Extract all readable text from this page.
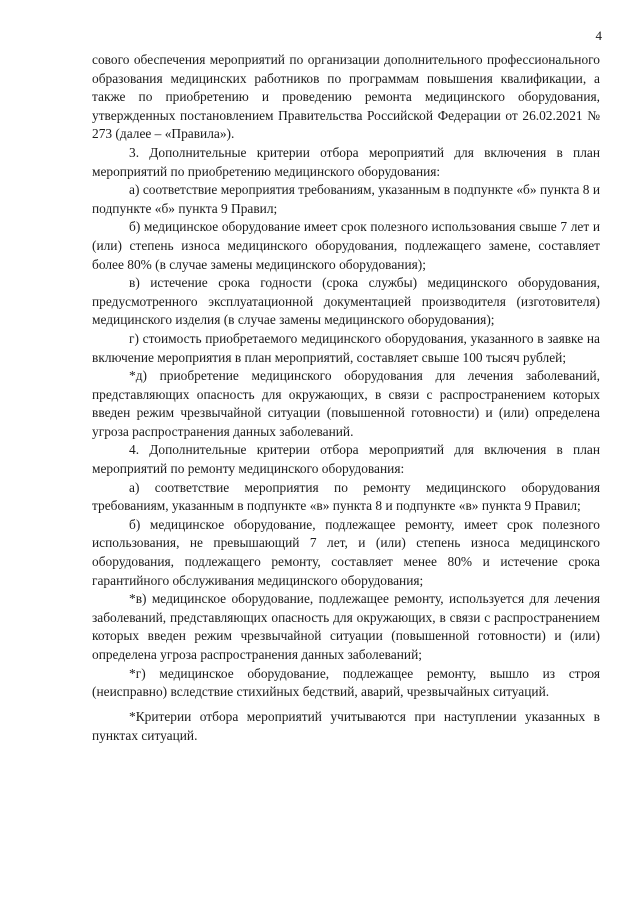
4

сового обеспечения мероприятий по организации дополнительного профессионального образования медицинских работников по программам повышения квалификации, а также по приобретению и проведению ремонта медицинского оборудования, утвержденных постановлением Правительства Российской Федерации от 26.02.2021 № 273 (далее – «Правила»).

3. Дополнительные критерии отбора мероприятий для включения в план мероприятий по приобретению медицинского оборудования:

а) соответствие мероприятия требованиям, указанным в подпункте «б» пункта 8 и подпункте «б» пункта 9 Правил;

б) медицинское оборудование имеет срок полезного использования свыше 7 лет и (или) степень износа медицинского оборудования, подлежащего замене, составляет более 80% (в случае замены медицинского оборудования);

в) истечение срока годности (срока службы) медицинского оборудования, предусмотренного эксплуатационной документацией производителя (изготовителя) медицинского изделия (в случае замены медицинского оборудования);

г) стоимость приобретаемого медицинского оборудования, указанного в заявке на включение мероприятия в план мероприятий, составляет свыше 100 тысяч рублей;

*д) приобретение медицинского оборудования для лечения заболеваний, представляющих опасность для окружающих, в связи с распространением которых введен режим чрезвычайной ситуации (повышенной готовности) и (или) определена угроза распространения данных заболеваний.

4. Дополнительные критерии отбора мероприятий для включения в план мероприятий по ремонту медицинского оборудования:

а) соответствие мероприятия по ремонту медицинского оборудования требованиям, указанным в подпункте «в» пункта 8 и подпункте «в» пункта 9 Правил;

б) медицинское оборудование, подлежащее ремонту, имеет срок полезного использования, не превышающий 7 лет, и (или) степень износа медицинского оборудования, подлежащего ремонту, составляет менее 80% и истечение срока гарантийного обслуживания медицинского оборудования;

*в) медицинское оборудование, подлежащее ремонту, используется для лечения заболеваний, представляющих опасность для окружающих, в связи с распространением которых введен режим чрезвычайной ситуации (повышенной готовности) и (или) определена угроза распространения данных заболеваний;

*г) медицинское оборудование, подлежащее ремонту, вышло из строя (неисправно) вследствие стихийных бедствий, аварий, чрезвычайных ситуаций.

*Критерии отбора мероприятий учитываются при наступлении указанных в пунктах ситуаций.
